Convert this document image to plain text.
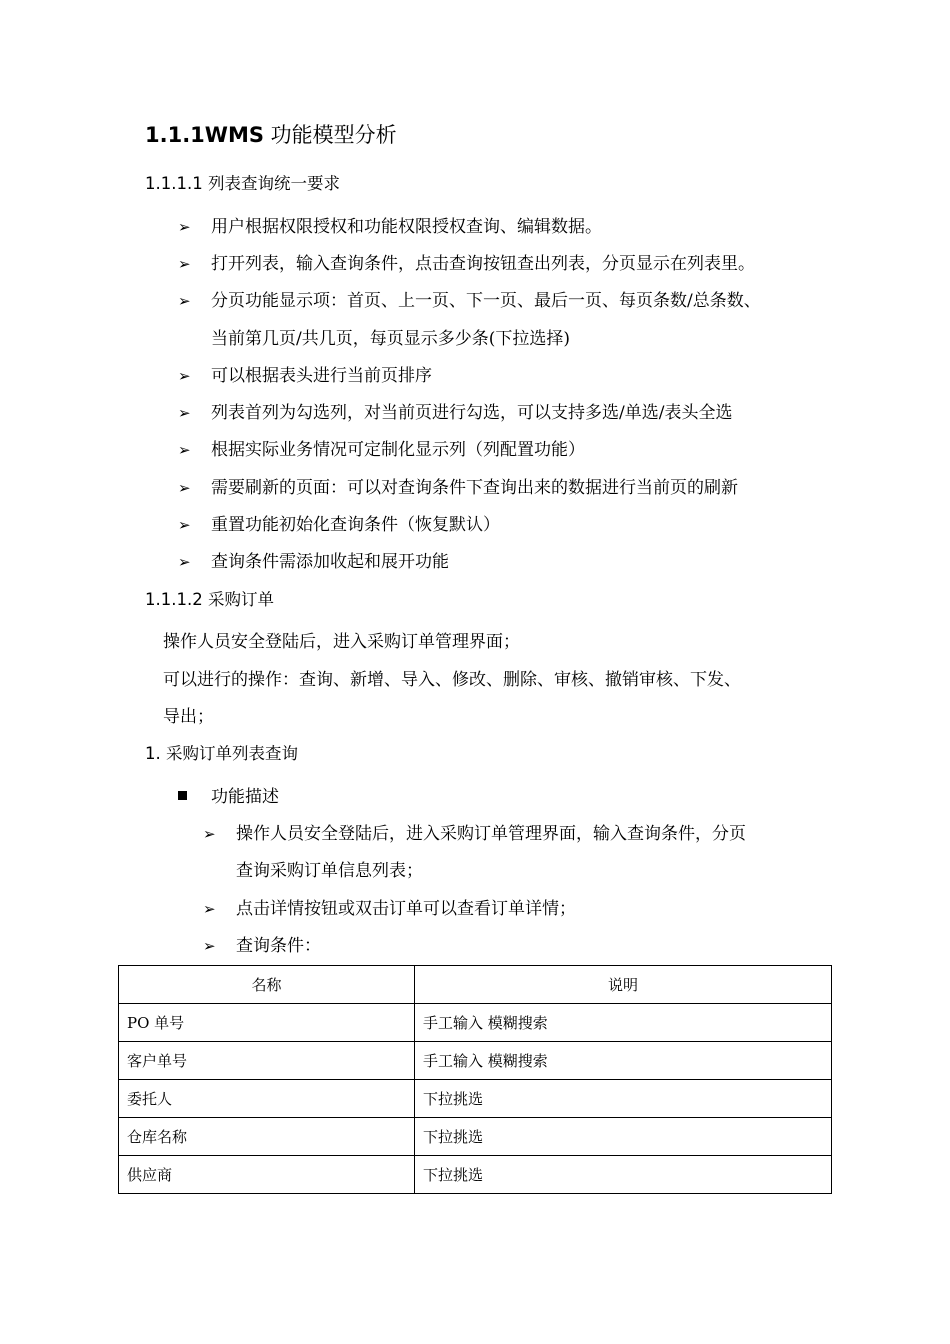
1.1.1WMS 功能模型分析
1.1.1.1 列表查询统一要求
➢ 用户根据权限授权和功能权限授权查询、编辑数据。
➢ 打开列表，输入查询条件，点击查询按钮查出列表，分页显示在列表里。
➢ 分页功能显示项：首页、上一页、下一页、最后一页、每页条数/总条数、
当前第几页/共几页，每页显示多少条(下拉选择)
➢ 可以根据表头进行当前页排序
➢ 列表首列为勾选列，对当前页进行勾选，可以支持多选/单选/表头全选
➢ 根据实际业务情况可定制化显示列（列配置功能）
➢ 需要刷新的页面：可以对查询条件下查询出来的数据进行当前页的刷新
➢ 重置功能初始化查询条件（恢复默认）
➢ 查询条件需添加收起和展开功能
1.1.1.2 采购订单
操作人员安全登陆后，进入采购订单管理界面；
可以进行的操作：查询、新增、导入、修改、删除、审核、撤销审核、下发、
导出；
1. 采购订单列表查询
功能描述
➢ 操作人员安全登陆后，进入采购订单管理界面，输入查询条件，分页
查询采购订单信息列表；
➢ 点击详情按钮或双击订单可以查看订单详情；
➢ 查询条件：
名称	说明
PO 单号	手工输入 模糊搜索
客户单号	手工输入 模糊搜索
委托人	下拉挑选
仓库名称	下拉挑选
供应商	下拉挑选
